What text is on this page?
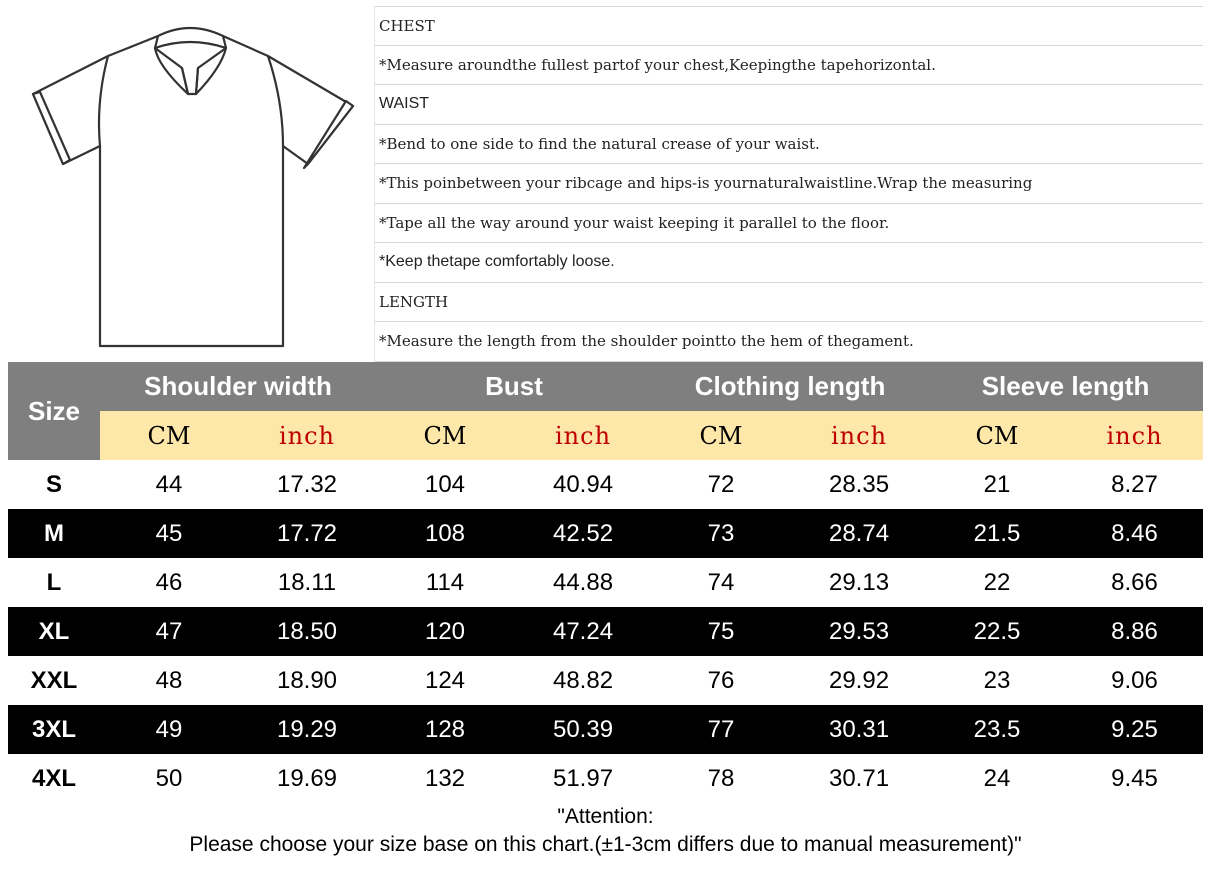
CHEST
*Measure aroundthe fullest partof your chest,Keepingthe tapehorizontal.
WAIST
*Bend to one side to find the natural crease of your waist.
*This poinbetween your ribcage and hips-is yournaturalwaistline.Wrap the measuring
*Tape all the way around your waist keeping it parallel to the floor.
*Keep thetape comfortably loose.
LENGTH
*Measure the length from the shoulder pointto the hem of thegament.
Size	Shoulder width		Bust		Clothing length		Sleeve length	
	CM	inch	CM	inch	CM	inch	CM	inch
S	44	17.32	104	40.94	72	28.35	21	8.27
M	45	17.72	108	42.52	73	28.74	21.5	8.46
L	46	18.11	114	44.88	74	29.13	22	8.66
XL	47	18.50	120	47.24	75	29.53	22.5	8.86
XXL	48	18.90	124	48.82	76	29.92	23	9.06
3XL	49	19.29	128	50.39	77	30.31	23.5	9.25
4XL	50	19.69	132	51.97	78	30.71	24	9.45
"Attention:
Please choose your size base on this chart.(±1-3cm differs due to manual measurement)"
